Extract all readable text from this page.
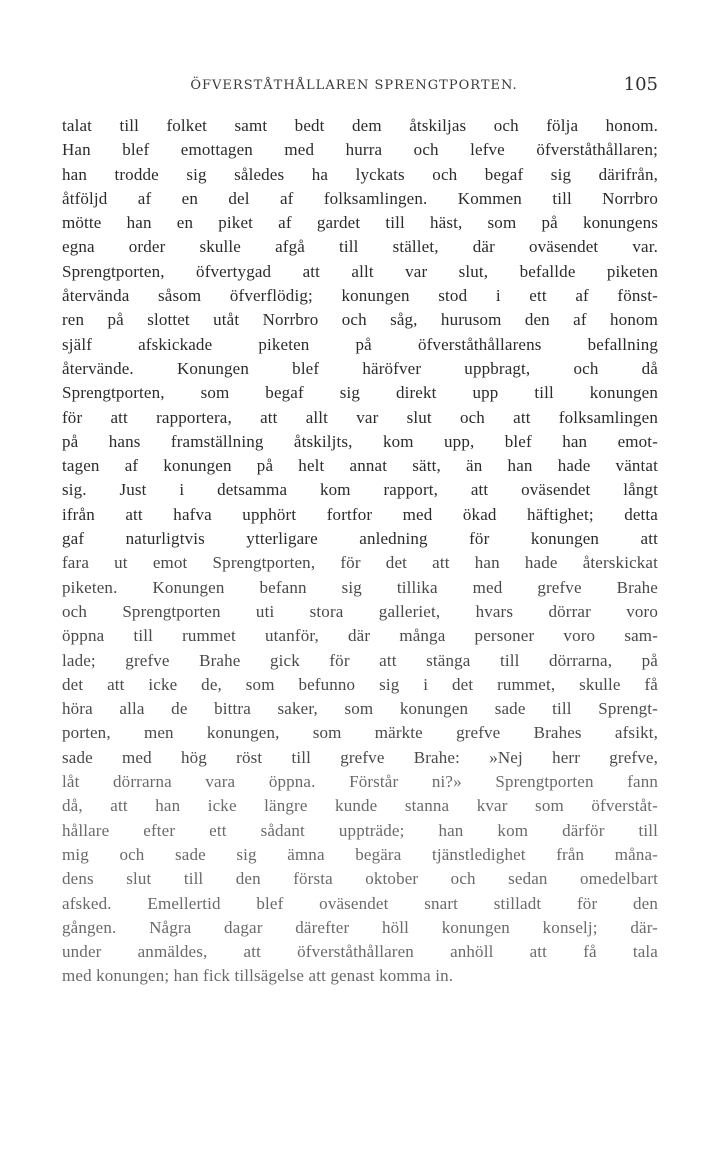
ÖFVERSTÅTHÅLLAREN SPRENGTPORTEN.	105
talat till folket samt bedt dem åtskiljas och följa honom.
Han blef emottagen med hurra och lefve öfverståthållaren;
han trodde sig således ha lyckats och begaf sig därifrån,
åtföljd af en del af folksamlingen. Kommen till Norrbro
mötte han en piket af gardet till häst, som på konungens
egna order skulle afgå till stället, där oväsendet var.
Sprengtporten, öfvertygad att allt var slut, befallde piketen
återvända såsom öfverflödig; konungen stod i ett af fönst-
ren på slottet utåt Norrbro och såg, hurusom den af honom
själf afskickade piketen på öfverståthållarens befallning
återvände. Konungen blef häröfver uppbragt, och då
Sprengtporten, som begaf sig direkt upp till konungen
för att rapportera, att allt var slut och att folksamlingen
på hans framställning åtskiljts, kom upp, blef han emot-
tagen af konungen på helt annat sätt, än han hade väntat
sig. Just i detsamma kom rapport, att oväsendet långt
ifrån att hafva upphört fortfor med ökad häftighet; detta
gaf naturligtvis ytterligare anledning för konungen att
fara ut emot Sprengtporten, för det att han hade återskickat
piketen. Konungen befann sig tillika med grefve Brahe
och Sprengtporten uti stora galleriet, hvars dörrar voro
öppna till rummet utanför, där många personer voro sam-
lade; grefve Brahe gick för att stänga till dörrarna, på
det att icke de, som befunno sig i det rummet, skulle få
höra alla de bittra saker, som konungen sade till Sprengt-
porten, men konungen, som märkte grefve Brahes afsikt,
sade med hög röst till grefve Brahe: »Nej herr grefve,
låt dörrarna vara öppna. Förstår ni?» Sprengtporten fann
då, att han icke längre kunde stanna kvar som öfverståt-
hållare efter ett sådant uppträde; han kom därför till
mig och sade sig ämna begära tjänstledighet från måna-
dens slut till den första oktober och sedan omedelbart
afsked. Emellertid blef oväsendet snart stilladt för den
gången. Några dagar därefter höll konungen konselj; där-
under anmäldes, att öfverståthållaren anhöll att få tala
med konungen; han fick tillsägelse att genast komma in.
